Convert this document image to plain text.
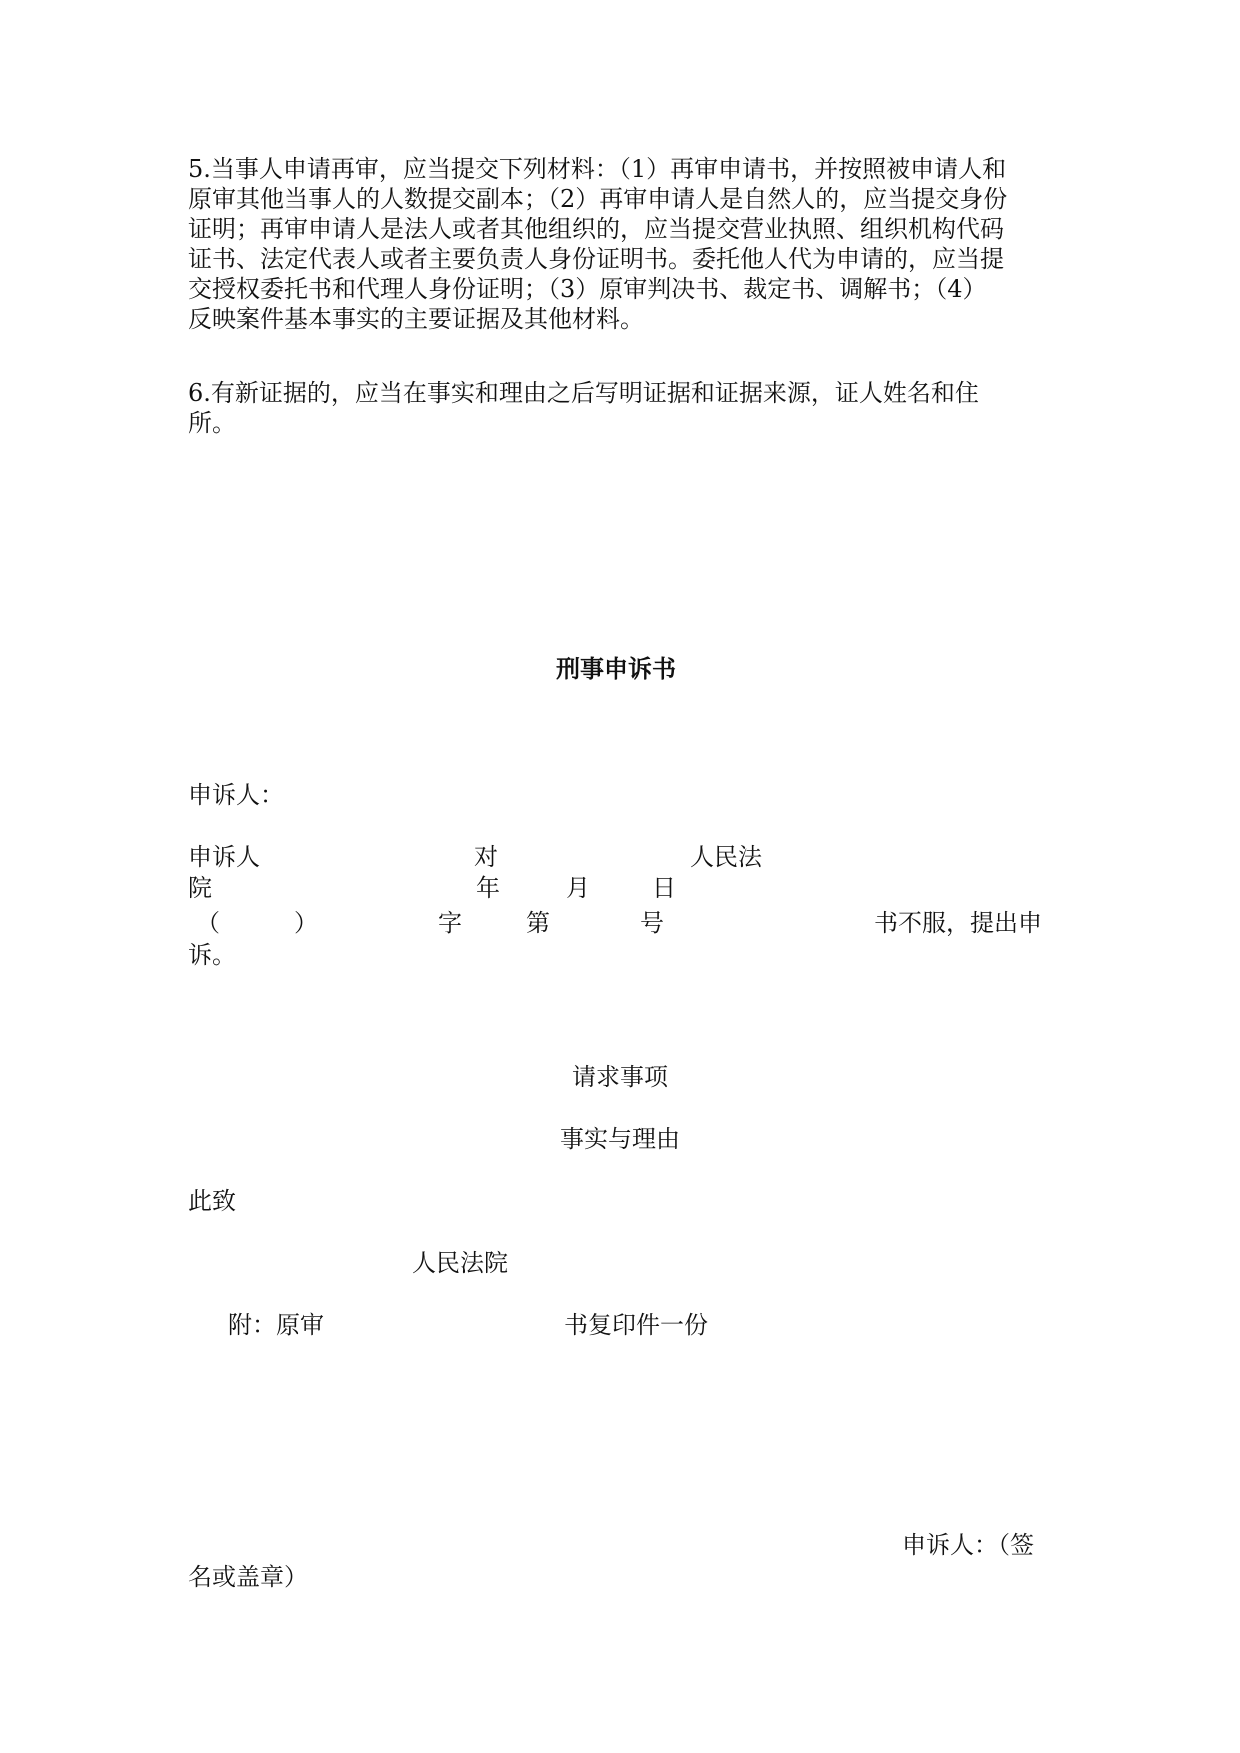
5.当事人申请再审，应当提交下列材料：（1）再审申请书，并按照被申请人和

原审其他当事人的人数提交副本；（2）再审申请人是自然人的，应当提交身份

证明；再审申请人是法人或者其他组织的，应当提交营业执照、组织机构代码

证书、法定代表人或者主要负责人身份证明书。委托他人代为申请的，应当提

交授权委托书和代理人身份证明；（3）原审判决书、裁定书、调解书；（4）

反映案件基本事实的主要证据及其他材料。

6.有新证据的，应当在事实和理由之后写明证据和证据来源，证人姓名和住

所。

刑事申诉书

申诉人：

申诉人	对	人民法

院	年	月	日

（	）	字	第	号	书不服，提出申

诉。

请求事项

事实与理由

此致

人民法院

附：原审	书复印件一份

申诉人：（签

名或盖章）
